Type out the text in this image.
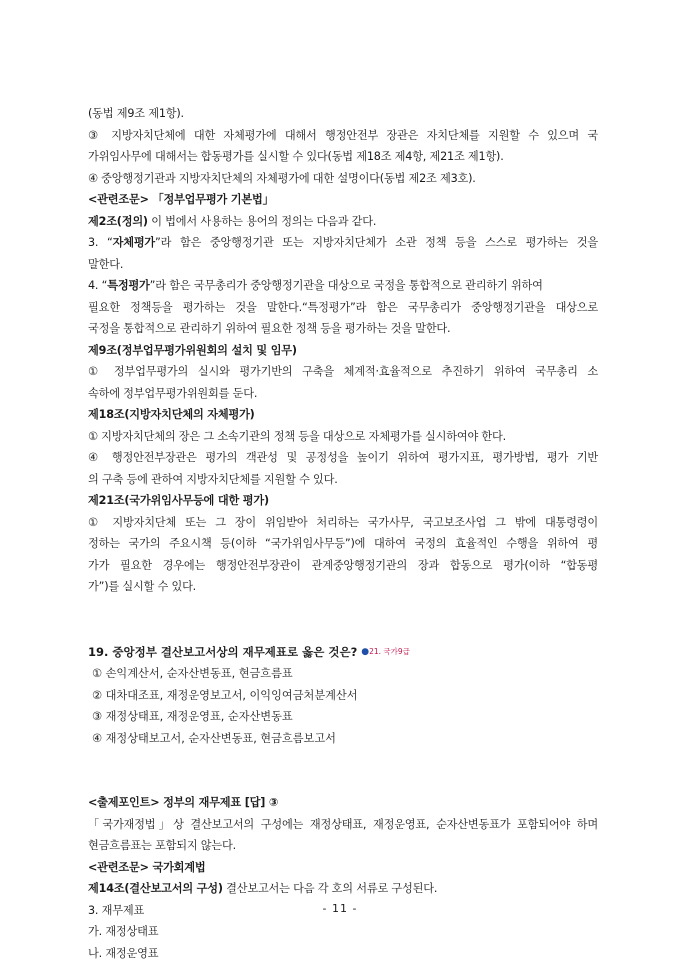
(동법 제9조 제1항).
③ 지방자치단체에 대한 자체평가에 대해서 행정안전부 장관은 자치단체를 지원할 수 있으며 국
가위임사무에 대해서는 합동평가를 실시할 수 있다(동법 제18조 제4항, 제21조 제1항).
④ 중앙행정기관과 지방자치단체의 자체평가에 대한 설명이다(동법 제2조 제3호).
<관련조문> 「정부업무평가 기본법」
제2조(정의) 이 법에서 사용하는 용어의 정의는 다음과 같다.
3. “자체평가”라 함은 중앙행정기관 또는 지방자치단체가 소관 정책 등을 스스로 평가하는 것을
말한다.
4. “특정평가”라 함은 국무총리가 중앙행정기관을 대상으로 국정을 통합적으로 관리하기 위하여
필요한 정책등을 평가하는 것을 말한다.“특정평가”라 함은 국무총리가 중앙행정기관을 대상으로
국정을 통합적으로 관리하기 위하여 필요한 정책 등을 평가하는 것을 말한다.
제9조(정부업무평가위원회의 설치 및 임무)
① 정부업무평가의 실시와 평가기반의 구축을 체계적·효율적으로 추진하기 위하여 국무총리 소
속하에 정부업무평가위원회를 둔다.
제18조(지방자치단체의 자체평가)
① 지방자치단체의 장은 그 소속기관의 정책 등을 대상으로 자체평가를 실시하여야 한다.
④ 행정안전부장관은 평가의 객관성 및 공정성을 높이기 위하여 평가지표, 평가방법, 평가 기반
의 구축 등에 관하여 지방자치단체를 지원할 수 있다.
제21조(국가위임사무등에 대한 평가)
① 지방자치단체 또는 그 장이 위임받아 처리하는 국가사무, 국고보조사업 그 밖에 대통령령이
정하는 국가의 주요시책 등(이하 “국가위임사무등”)에 대하여 국정의 효율적인 수행을 위하여 평
가가 필요한 경우에는 행정안전부장관이 관계중앙행정기관의 장과 합동으로 평가(이하 “합동평
가”)를 실시할 수 있다.
19. 중앙정부 결산보고서상의 재무제표로 옳은 것은? ●21. 국가9급
① 손익계산서, 순자산변동표, 현금흐름표
② 대차대조표, 재정운영보고서, 이익잉여금처분계산서
③ 재정상태표, 재정운영표, 순자산변동표
④ 재정상태보고서, 순자산변동표, 현금흐름보고서
<출제포인트> 정부의 재무제표 [답] ③
「국가재정법」상 결산보고서의 구성에는 재정상태표, 재정운영표, 순자산변동표가 포함되어야 하며
현금흐름표는 포함되지 않는다.
<관련조문> 국가회계법
제14조(결산보고서의 구성) 결산보고서는 다음 각 호의 서류로 구성된다.
3. 재무제표
가. 재정상태표
나. 재정운영표
- 11 -
